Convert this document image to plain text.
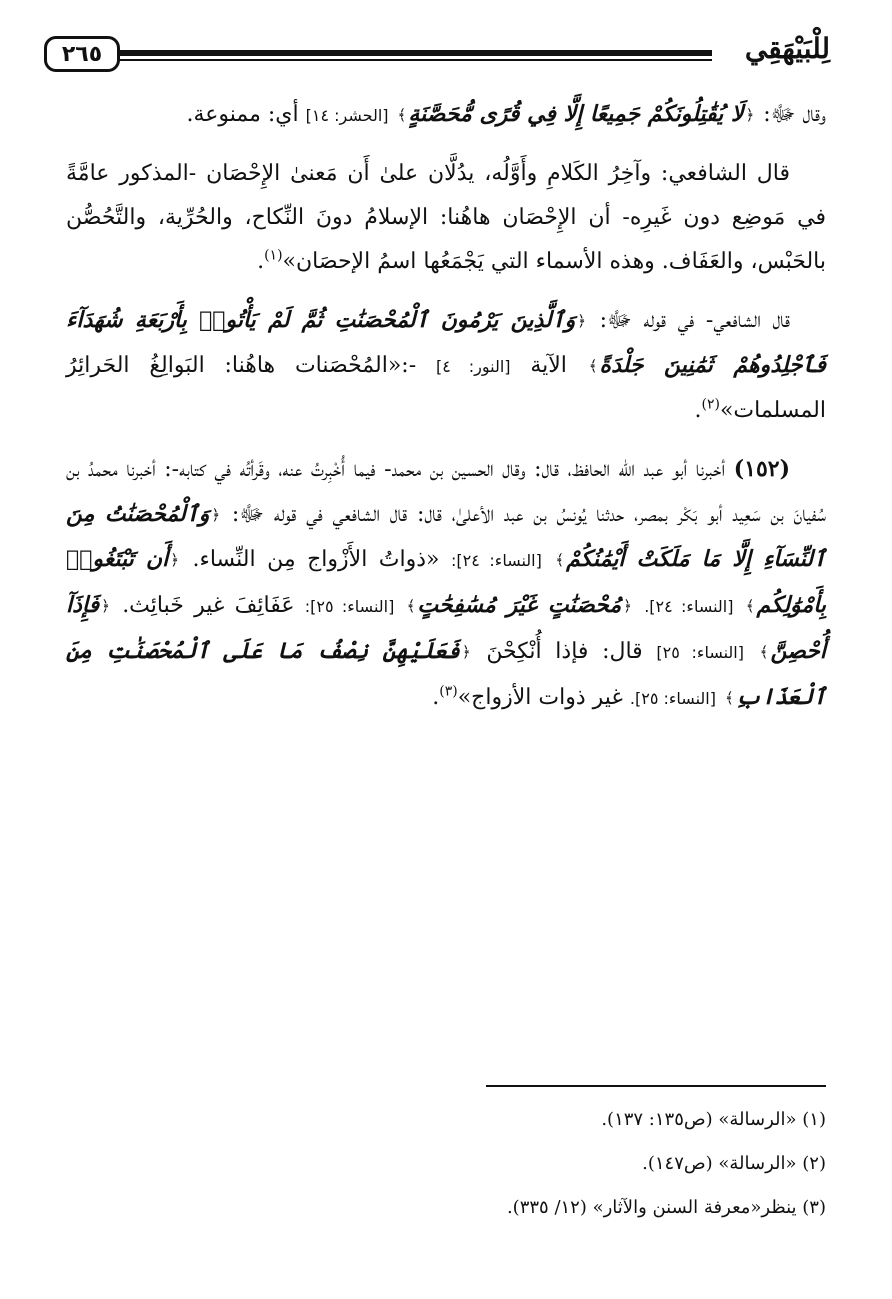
٢٦٥	لِلْبَيْهَقِي

وقال ﷻ: ﴿لَا يُقَٰتِلُونَكُمْ جَمِيعًا إِلَّا فِي قُرًى مُّحَصَّنَةٍ﴾ [الحشر: ١٤] أي: ممنوعة.

قال الشافعي: وآخِرُ الكَلامِ وأَوَّلُه، يدُلَّان علىٰ أَن مَعنىٰ الإِحْصَان -المذكور عامَّةً في مَوضِع دون غَيرِه- أن الإِحْصَان هاهُنا: الإسلامُ دونَ النِّكاح، والحُرِّية، والتَّحُصُّن بالحَبْس، والعَفَاف. وهذه الأسماء التي يَجْمَعُها اسمُ الإحصَان»$^{(١)}$.

قال الشافعي- في قوله ﷻ: ﴿وَٱلَّذِينَ يَرْمُونَ ٱلْمُحْصَنَٰتِ ثُمَّ لَمْ يَأْتُوا۟ بِأَرْبَعَةِ شُهَدَآءَ فَٱجْلِدُوهُمْ ثَمَٰنِينَ جَلْدَةً﴾ الآية [النور: ٤] -:«المُحْصَنات هاهُنا: البَوالِغُ الحَرائِرُ المسلمات»$^{(٢)}$.

(١٥٢) أخبرنا أبو عبد الله الحافظ، قال: وقال الحسين بن محمد- فيما أُخْبِرتُ عنه، وقَرأتُه في كتابه-: أخبرنا محمدُ بن سُفيانَ بن سَعِيد أبو بَكْر بمصر، حدثنا يُونسُ بن عبد الأعلىٰ، قال: قال الشافعي في قوله ﷻ: ﴿وَٱلْمُحْصَنَٰتُ مِنَ ٱلنِّسَآءِ إِلَّا مَا مَلَكَتْ أَيْمَٰنُكُمْ﴾ [النساء: ٢٤]: «ذواتُ الأَزْواج مِن النِّساء. ﴿أَن تَبْتَغُوا۟ بِأَمْوَٰلِكُم﴾ [النساء: ٢٤]. ﴿مُحْصَنَٰتٍ غَيْرَ مُسَٰفِحَٰتٍ﴾ [النساء: ٢٥]: عَفَائِفَ غير خَبائِث. ﴿فَإِذَآ أُحْصِنَّ﴾ [النساء: ٢٥] قال: فإذا أُنْكِحْنَ ﴿فَعَلَيْهِنَّ نِصْفُ مَا عَلَى ٱلْمُحْصَنَٰتِ مِنَ ٱلْعَذَابِ﴾ [النساء: ٢٥]. غير ذوات الأزواج»$^{(٣)}$.

(١) «الرسالة» (ص١٣٥: ١٣٧).

(٢) «الرسالة» (ص١٤٧).

(٣) ينظر«معرفة السنن والآثار» (١٢/ ٣٣٥).
